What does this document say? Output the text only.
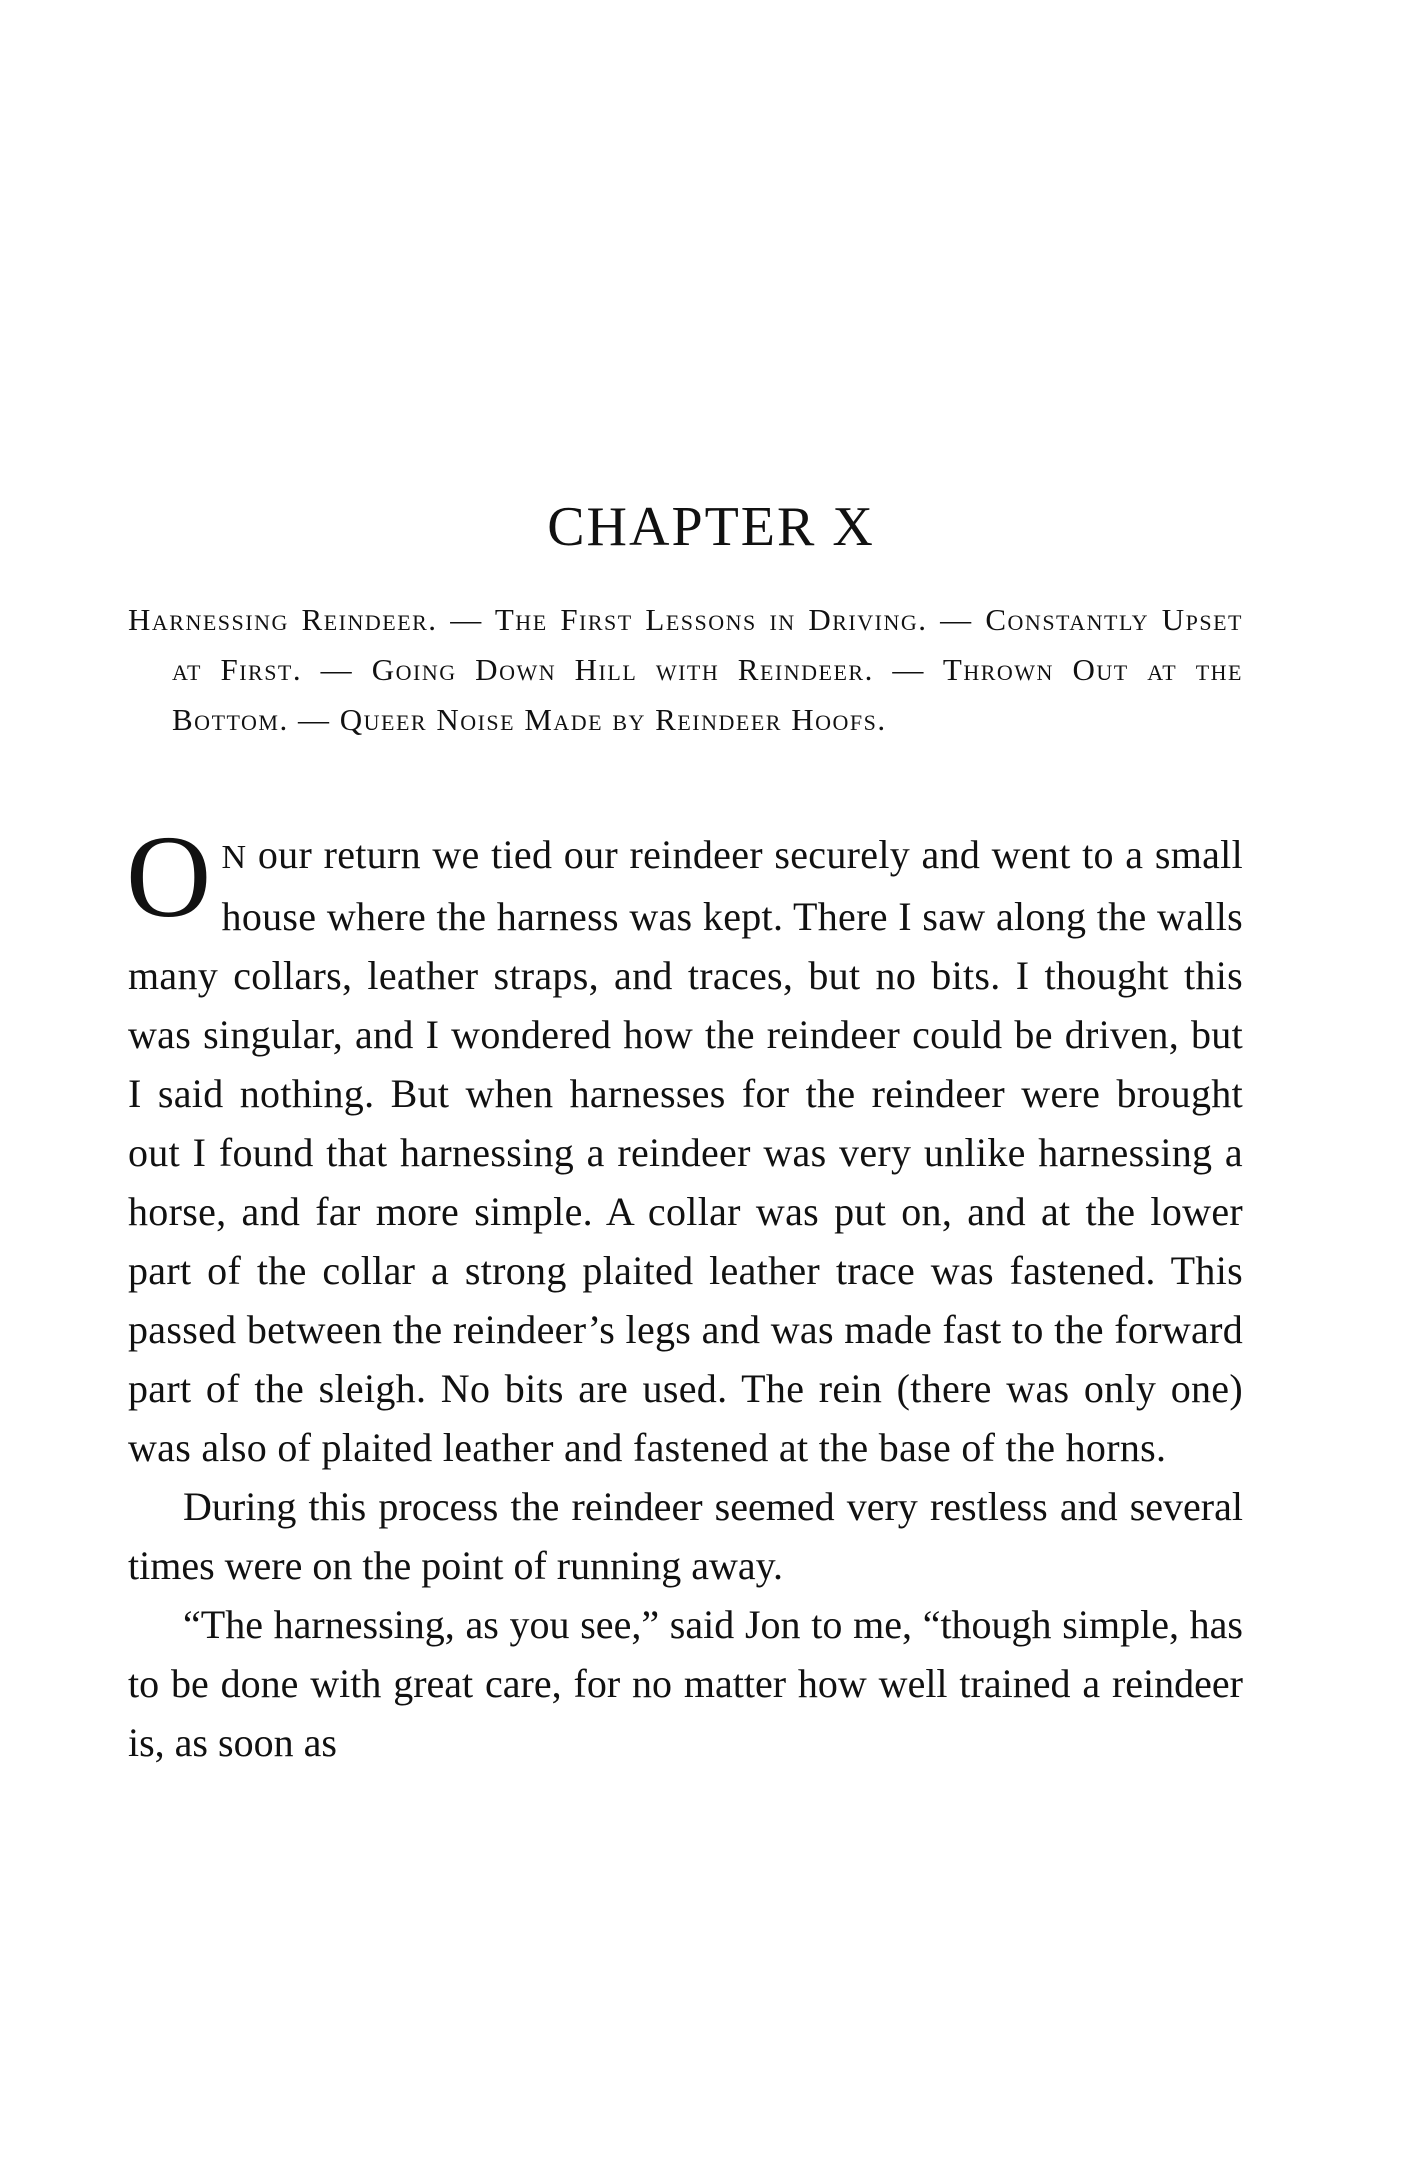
CHAPTER X

Harnessing Reindeer. — The First Lessons in Driving. — Constantly Upset at First. — Going Down Hill with Reindeer. — Thrown Out at the Bottom. — Queer Noise Made by Reindeer Hoofs.

O N our return we tied our reindeer securely and went to a small house where the harness was kept. There I saw along the walls many collars, leather straps, and traces, but no bits. I thought this was singular, and I wondered how the reindeer could be driven, but I said nothing. But when harnesses for the reindeer were brought out I found that harnessing a reindeer was very unlike harnessing a horse, and far more simple. A collar was put on, and at the lower part of the collar a strong plaited leather trace was fastened. This passed between the reindeer’s legs and was made fast to the forward part of the sleigh. No bits are used. The rein (there was only one) was also of plaited leather and fastened at the base of the horns.

During this process the reindeer seemed very restless and several times were on the point of running away.

“The harnessing, as you see,” said Jon to me, “though simple, has to be done with great care, for no matter how well trained a reindeer is, as soon as
